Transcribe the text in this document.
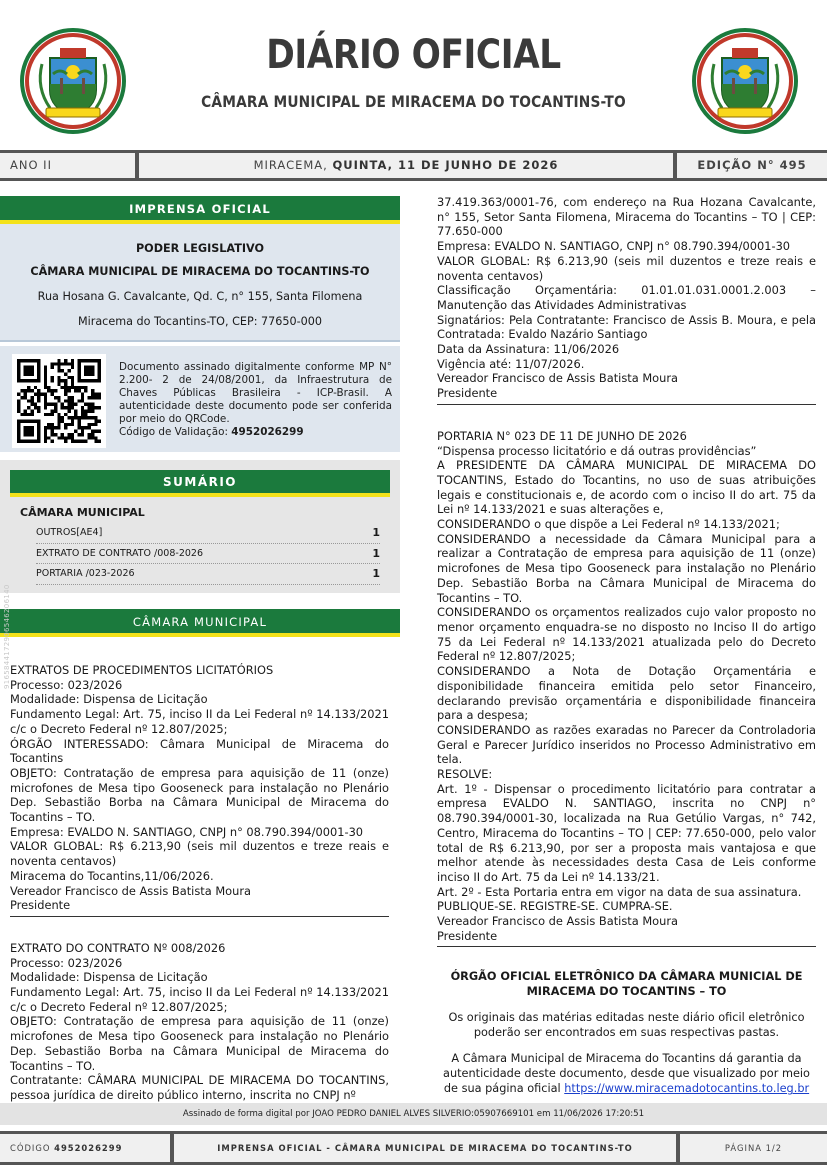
DIÁRIO OFICIAL
CÂMARA MUNICIPAL DE MIRACEMA DO TOCANTINS-TO
ANO II	MIRACEMA, QUINTA, 11 DE JUNHO DE 2026	EDIÇÃO N° 495
IMPRENSA OFICIAL
PODER LEGISLATIVO
CÂMARA MUNICIPAL DE MIRACEMA DO TOCANTINS-TO
Rua Hosana G. Cavalcante, Qd. C, n° 155, Santa Filomena
Miracema do Tocantins-TO, CEP: 77650-000
Documento assinado digitalmente conforme MP N° 2.200- 2 de 24/08/2001, da Infraestrutura de Chaves Públicas Brasileira - ICP-Brasil. A autenticidade deste documento pode ser conferida por meio do QRCode.
Código de Validação: 4952026299
SUMÁRIO
CÂMARA MUNICIPAL
OUTROS[AE4]	1
EXTRATO DE CONTRATO /008-2026	1
PORTARIA /023-2026	1
CÂMARA MUNICIPAL
9165844172906546206140 EXTRATOS DE PROCEDIMENTOS LICITATÓRIOS

Processo: 023/2026

Modalidade: Dispensa de Licitação

Fundamento Legal: Art. 75, inciso II da Lei Federal nº 14.133/2021 c/c o Decreto Federal nº 12.807/2025;

ÓRGÃO INTERESSADO: Câmara Municipal de Miracema do Tocantins

OBJETO: Contratação de empresa para aquisição de 11 (onze) microfones de Mesa tipo Gooseneck para instalação no Plenário Dep. Sebastião Borba na Câmara Municipal de Miracema do Tocantins – TO.

Empresa: EVALDO N. SANTIAGO, CNPJ n° 08.790.394/0001-30

VALOR GLOBAL: R$ 6.213,90 (seis mil duzentos e treze reais e noventa centavos)

Miracema do Tocantins,11/06/2026.

Vereador Francisco de Assis Batista Moura

Presidente

EXTRATO DO CONTRATO Nº 008/2026

Processo: 023/2026

Modalidade: Dispensa de Licitação

Fundamento Legal: Art. 75, inciso II da Lei Federal nº 14.133/2021 c/c o Decreto Federal nº 12.807/2025;

OBJETO: Contratação de empresa para aquisição de 11 (onze) microfones de Mesa tipo Gooseneck para instalação no Plenário Dep. Sebastião Borba na Câmara Municipal de Miracema do Tocantins – TO.

Contratante: CÂMARA MUNICIPAL DE MIRACEMA DO TOCANTINS, pessoa jurídica de direito público interno, inscrita no CNPJ nº

37.419.363/0001-76, com endereço na Rua Hozana Cavalcante, n° 155, Setor Santa Filomena, Miracema do Tocantins – TO | CEP: 77.650-000

Empresa: EVALDO N. SANTIAGO, CNPJ n° 08.790.394/0001-30

VALOR GLOBAL: R$ 6.213,90 (seis mil duzentos e treze reais e noventa centavos)

Classificação Orçamentária: 01.01.01.031.0001.2.003 – Manutenção das Atividades Administrativas

Signatários: Pela Contratante: Francisco de Assis B. Moura, e pela Contratada: Evaldo Nazário Santiago

Data da Assinatura: 11/06/2026

Vigência até: 11/07/2026.

Vereador Francisco de Assis Batista Moura

Presidente

PORTARIA N° 023 DE 11 DE JUNHO DE 2026

“Dispensa processo licitatório e dá outras providências”

A PRESIDENTE DA CÂMARA MUNICIPAL DE MIRACEMA DO TOCANTINS, Estado do Tocantins, no uso de suas atribuições legais e constitucionais e, de acordo com o inciso II do art. 75 da Lei nº 14.133/2021 e suas alterações e,

CONSIDERANDO o que dispõe a Lei Federal nº 14.133/2021;

CONSIDERANDO a necessidade da Câmara Municipal para a realizar a Contratação de empresa para aquisição de 11 (onze) microfones de Mesa tipo Gooseneck para instalação no Plenário Dep. Sebastião Borba na Câmara Municipal de Miracema do Tocantins – TO.

CONSIDERANDO os orçamentos realizados cujo valor proposto no menor orçamento enquadra-se no disposto no Inciso II do artigo 75 da Lei Federal nº 14.133/2021 atualizada pelo do Decreto Federal nº 12.807/2025;

CONSIDERANDO a Nota de Dotação Orçamentária e disponibilidade financeira emitida pelo setor Financeiro, declarando previsão orçamentária e disponibilidade financeira para a despesa;

CONSIDERANDO as razões exaradas no Parecer da Controladoria Geral e Parecer Jurídico inseridos no Processo Administrativo em tela.

RESOLVE:

Art. 1º - Dispensar o procedimento licitatório para contratar a empresa EVALDO N. SANTIAGO, inscrita no CNPJ n° 08.790.394/0001-30, localizada na Rua Getúlio Vargas, n° 742, Centro, Miracema do Tocantins – TO | CEP: 77.650-000, pelo valor total de R$ 6.213,90, por ser a proposta mais vantajosa e que melhor atende às necessidades desta Casa de Leis conforme inciso II do Art. 75 da Lei nº 14.133/21.

Art. 2º - Esta Portaria entra em vigor na data de sua assinatura.

PUBLIQUE-SE. REGISTRE-SE. CUMPRA-SE.

Vereador Francisco de Assis Batista Moura

Presidente

ÓRGÃO OFICIAL ELETRÔNICO DA CÂMARA MUNICIAL DE MIRACEMA DO TOCANTINS – TO
Os originais das matérias editadas neste diário oficil eletrônico poderão ser encontrados em suas respectivas pastas.
A Câmara Municipal de Miracema do Tocantins dá garantia da autenticidade deste documento, desde que visualizado por meio de sua página oficial https://www.miracemadotocantins.to.leg.br
Assinado de forma digital por JOAO PEDRO DANIEL ALVES SILVERIO:05907669101 em 11/06/2026 17:20:51
CÓDIGO 4952026299	IMPRENSA OFICIAL - CÂMARA MUNICIPAL DE MIRACEMA DO TOCANTINS-TO	PÁGINA 1/2
